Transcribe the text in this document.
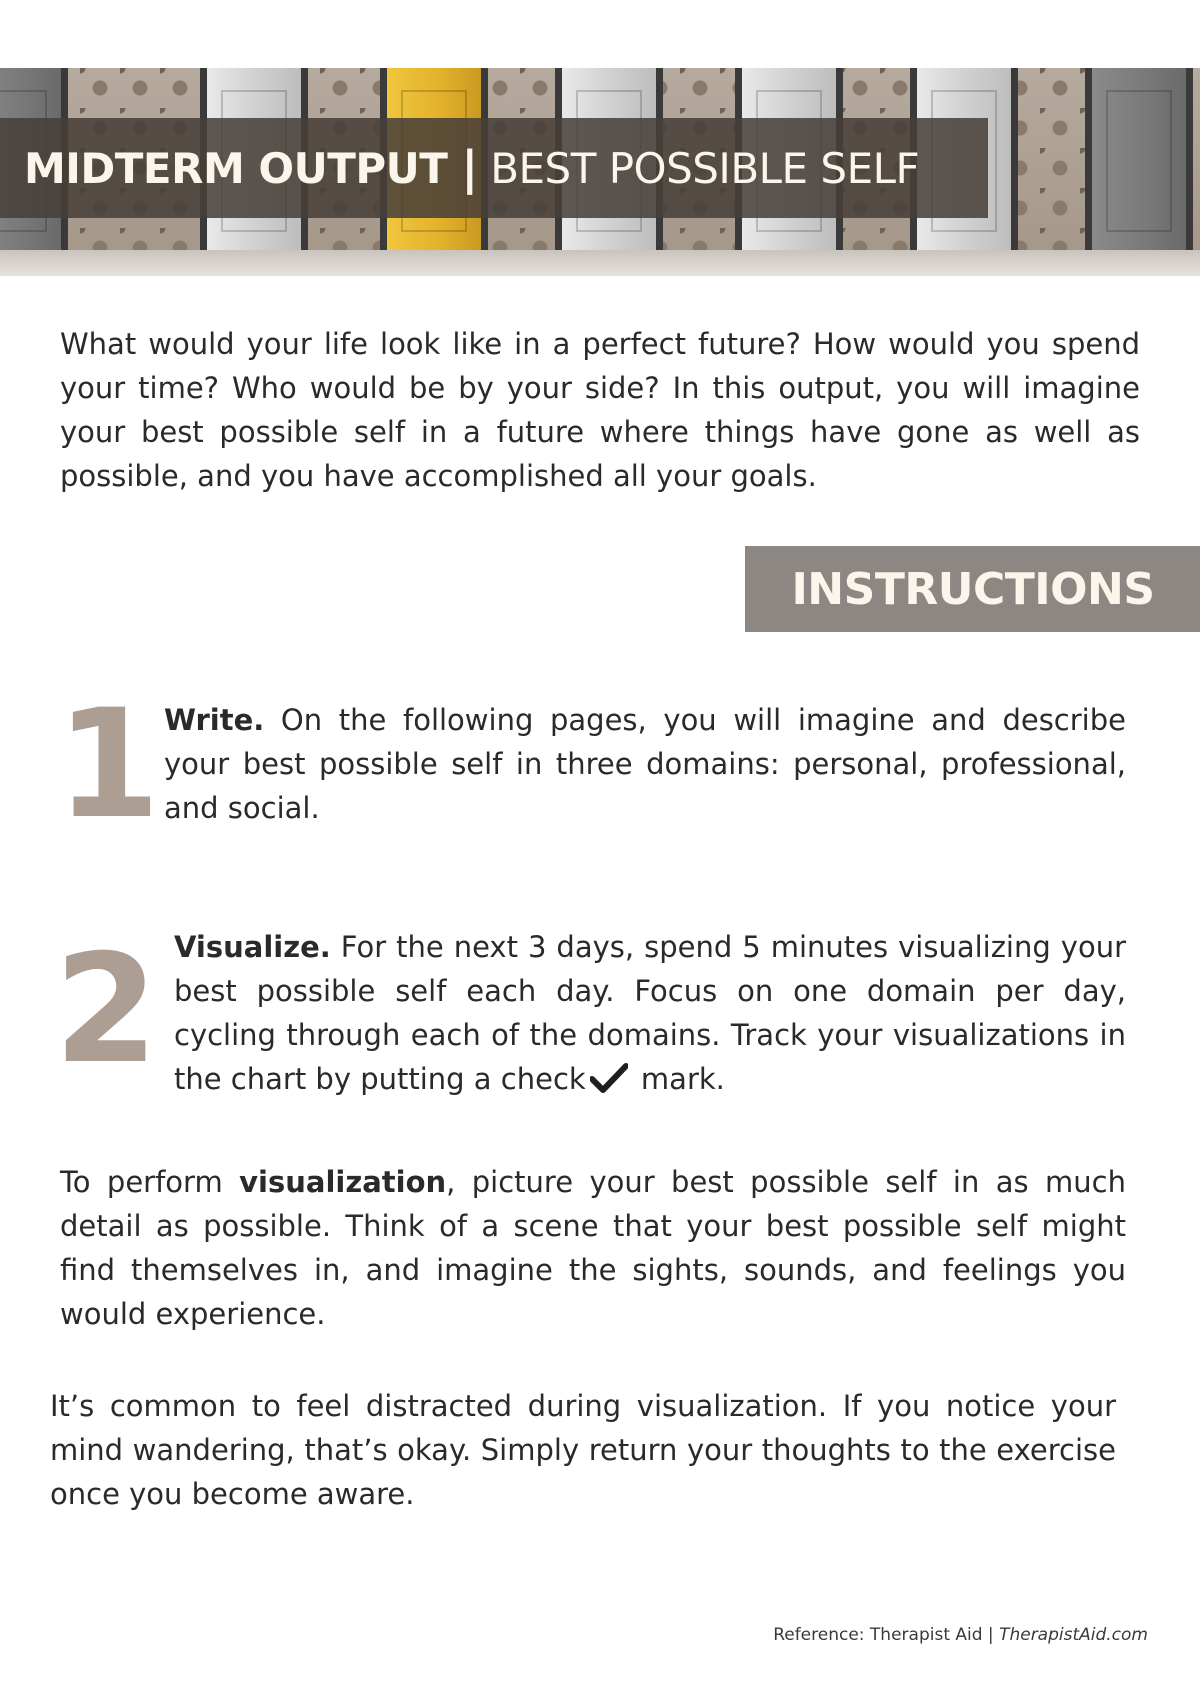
MIDTERM OUTPUT | BEST POSSIBLE SELF

What would your life look like in a perfect future? How would you spend your time? Who would be by your side? In this output, you will imagine your best possible self in a future where things have gone as well as possible, and you have accomplished all your goals.

INSTRUCTIONS
1 Write. On the following pages, you will imagine and describe your best possible self in three domains: personal, professional, and social.

2 Visualize. For the next 3 days, spend 5 minutes visualizing your best possible self each day. Focus on one domain per day, cycling through each of the domains. Track your visualizations in the chart by putting a check mark.

To perform visualization, picture your best possible self in as much detail as possible. Think of a scene that your best possible self might find themselves in, and imagine the sights, sounds, and feelings you would experience.

It’s common to feel distracted during visualization. If you notice your mind wandering, that’s okay. Simply return your thoughts to the exercise once you become aware.

Reference: Therapist Aid | TherapistAid.com
